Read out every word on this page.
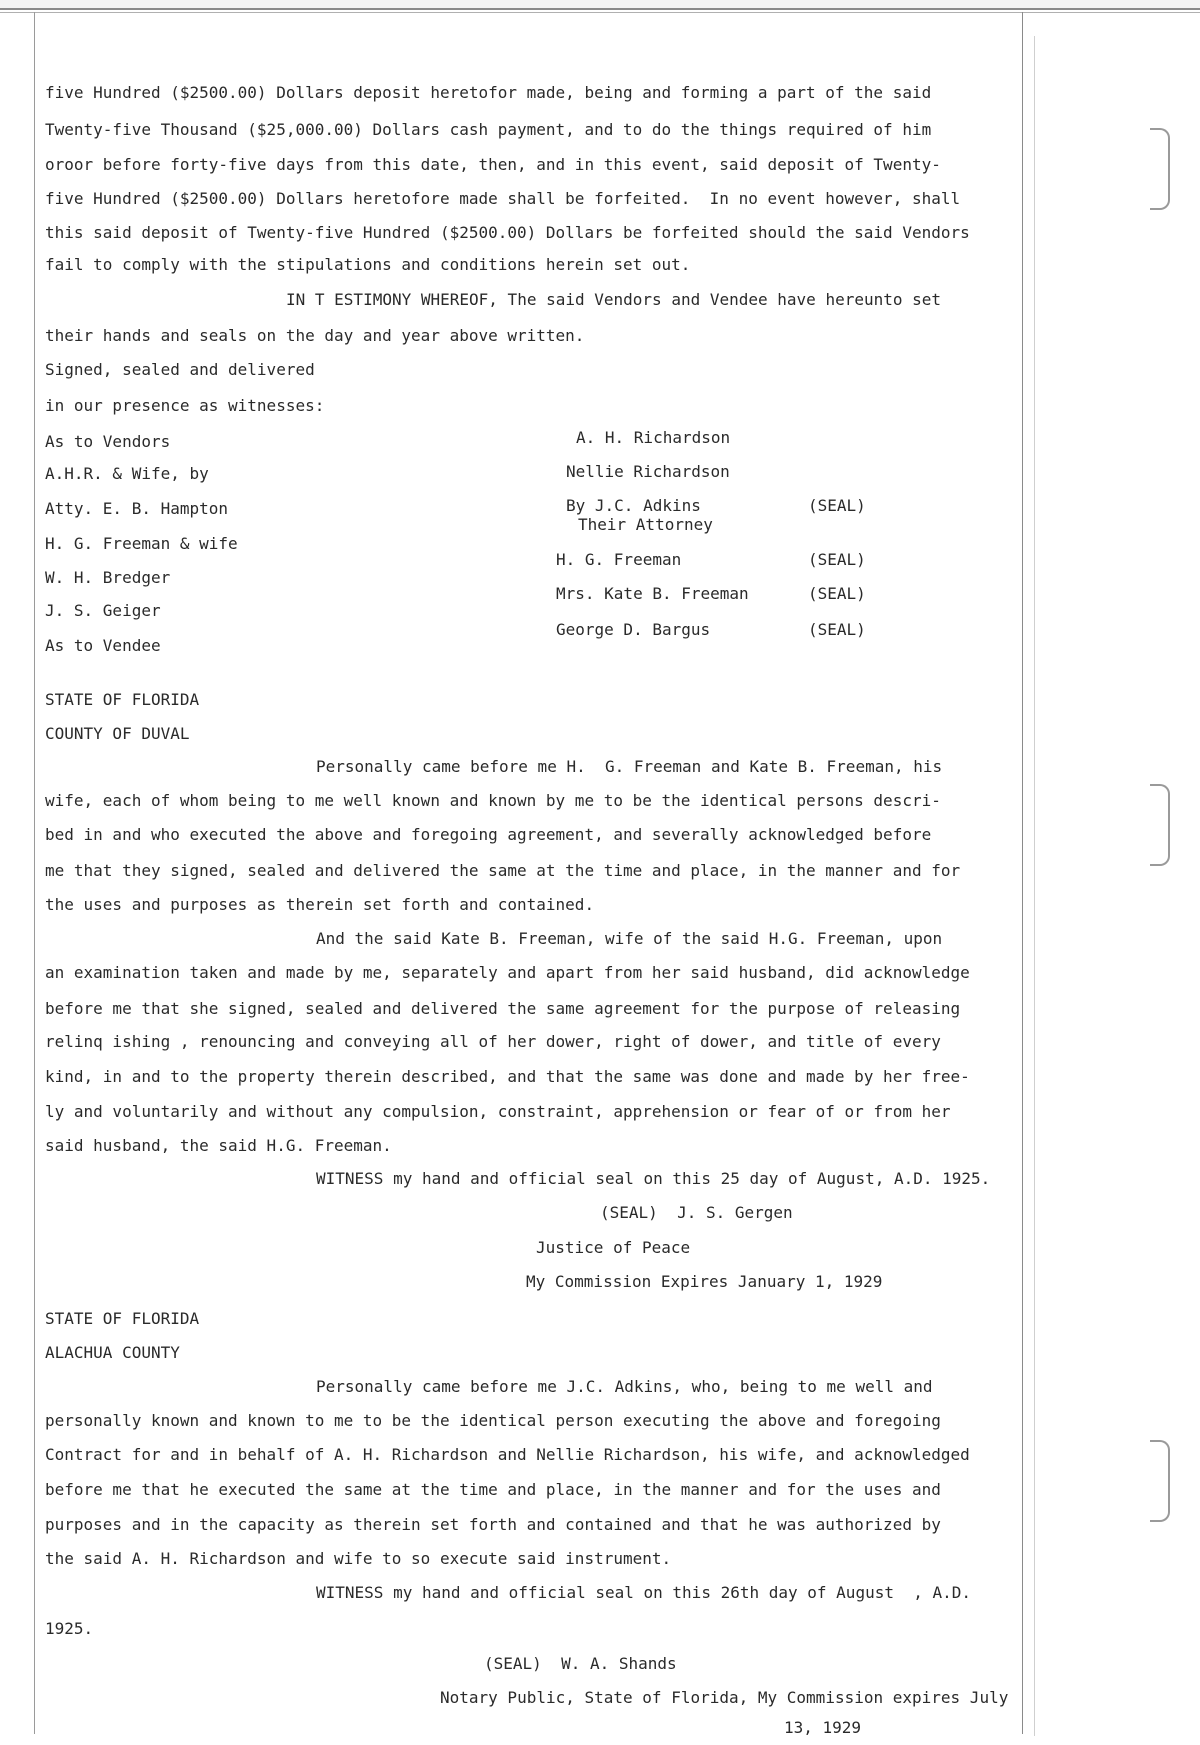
five Hundred ($2500.00) Dollars deposit heretofor made, being and forming a part of the said
Twenty-five Thousand ($25,000.00) Dollars cash payment, and to do the things required of him
oroor before forty-five days from this date, then, and in this event, said deposit of Twenty-
five Hundred ($2500.00) Dollars heretofore made shall be forfeited.  In no event however, shall
this said deposit of Twenty-five Hundred ($2500.00) Dollars be forfeited should the said Vendors
fail to comply with the stipulations and conditions herein set out.
IN T ESTIMONY WHEREOF, The said Vendors and Vendee have hereunto set
their hands and seals on the day and year above written.
Signed, sealed and delivered
in our presence as witnesses:
As to Vendors
A.H.R. & Wife, by
Atty. E. B. Hampton
H. G. Freeman & wife
W. H. Bredger
J. S. Geiger
As to Vendee
A. H. Richardson
Nellie Richardson
By J.C. Adkins
Their Attorney
(SEAL)
H. G. Freeman	(SEAL)
Mrs. Kate B. Freeman	(SEAL)
George D. Bargus	(SEAL)
STATE OF FLORIDA
COUNTY OF DUVAL
Personally came before me H.  G. Freeman and Kate B. Freeman, his
wife, each of whom being to me well known and known by me to be the identical persons descri-
bed in and who executed the above and foregoing agreement, and severally acknowledged before
me that they signed, sealed and delivered the same at the time and place, in the manner and for
the uses and purposes as therein set forth and contained.
And the said Kate B. Freeman, wife of the said H.G. Freeman, upon
an examination taken and made by me, separately and apart from her said husband, did acknowledge
before me that she signed, sealed and delivered the same agreement for the purpose of releasing
relinq ishing , renouncing and conveying all of her dower, right of dower, and title of every
kind, in and to the property therein described, and that the same was done and made by her free-
ly and voluntarily and without any compulsion, constraint, apprehension or fear of or from her
said husband, the said H.G. Freeman.
WITNESS my hand and official seal on this 25 day of August, A.D. 1925.
(SEAL)  J. S. Gergen
Justice of Peace
My Commission Expires January 1, 1929
STATE OF FLORIDA
ALACHUA COUNTY
Personally came before me J.C. Adkins, who, being to me well and
personally known and known to me to be the identical person executing the above and foregoing
Contract for and in behalf of A. H. Richardson and Nellie Richardson, his wife, and acknowledged
before me that he executed the same at the time and place, in the manner and for the uses and
purposes and in the capacity as therein set forth and contained and that he was authorized by
the said A. H. Richardson and wife to so execute said instrument.
WITNESS my hand and official seal on this 26th day of August  , A.D.
1925.
(SEAL)  W. A. Shands
Notary Public, State of Florida, My Commission expires July
13, 1929
